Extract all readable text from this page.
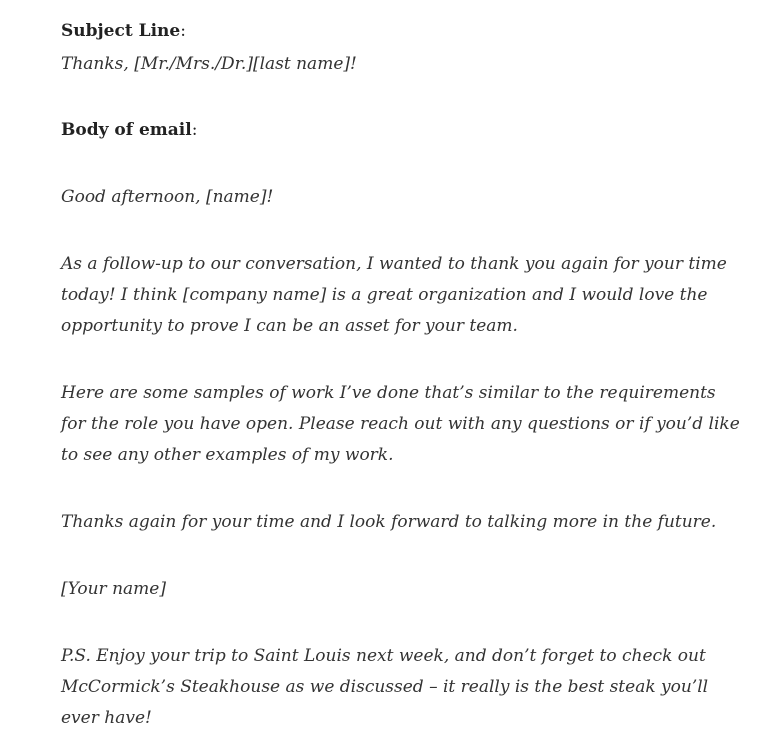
Subject Line:
Thanks, [Mr./Mrs./Dr.][last name]!
Body of email:
Good afternoon, [name]!
As a follow-up to our conversation, I wanted to thank you again for your time
today! I think [company name] is a great organization and I would love the
opportunity to prove I can be an asset for your team.
Here are some samples of work I’ve done that’s similar to the requirements
for the role you have open. Please reach out with any questions or if you’d like
to see any other examples of my work.
Thanks again for your time and I look forward to talking more in the future.
[Your name]
P.S. Enjoy your trip to Saint Louis next week, and don’t forget to check out
McCormick’s Steakhouse as we discussed – it really is the best steak you’ll
ever have!
